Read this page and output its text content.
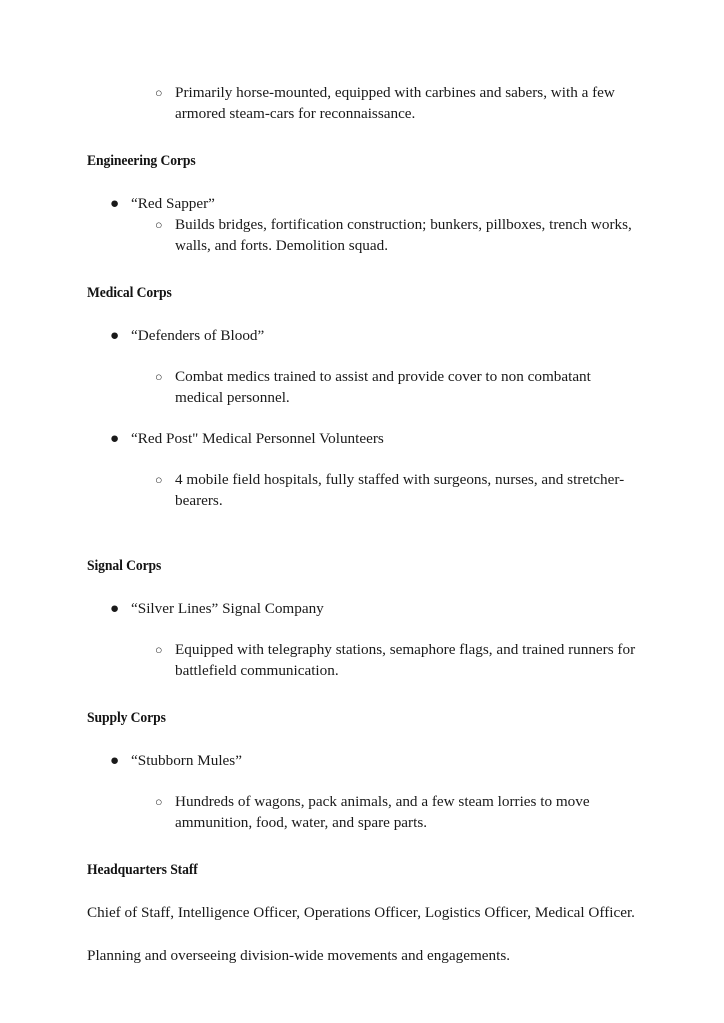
○ Primarily horse-mounted, equipped with carbines and sabers, with a few armored steam-cars for reconnaissance.
Engineering Corps
● “Red Sapper”
○ Builds bridges, fortification construction; bunkers, pillboxes, trench works, walls, and forts. Demolition squad.
Medical Corps
● “Defenders of Blood”
○ Combat medics trained to assist and provide cover to non combatant medical personnel.
● “Red Post" Medical Personnel Volunteers
○ 4 mobile field hospitals, fully staffed with surgeons, nurses, and stretcher-bearers.
Signal Corps
● “Silver Lines” Signal Company
○ Equipped with telegraphy stations, semaphore flags, and trained runners for battlefield communication.
Supply Corps
● “Stubborn Mules”
○ Hundreds of wagons, pack animals, and a few steam lorries to move ammunition, food, water, and spare parts.
Headquarters Staff

Chief of Staff, Intelligence Officer, Operations Officer, Logistics Officer, Medical Officer.

Planning and overseeing division-wide movements and engagements.
